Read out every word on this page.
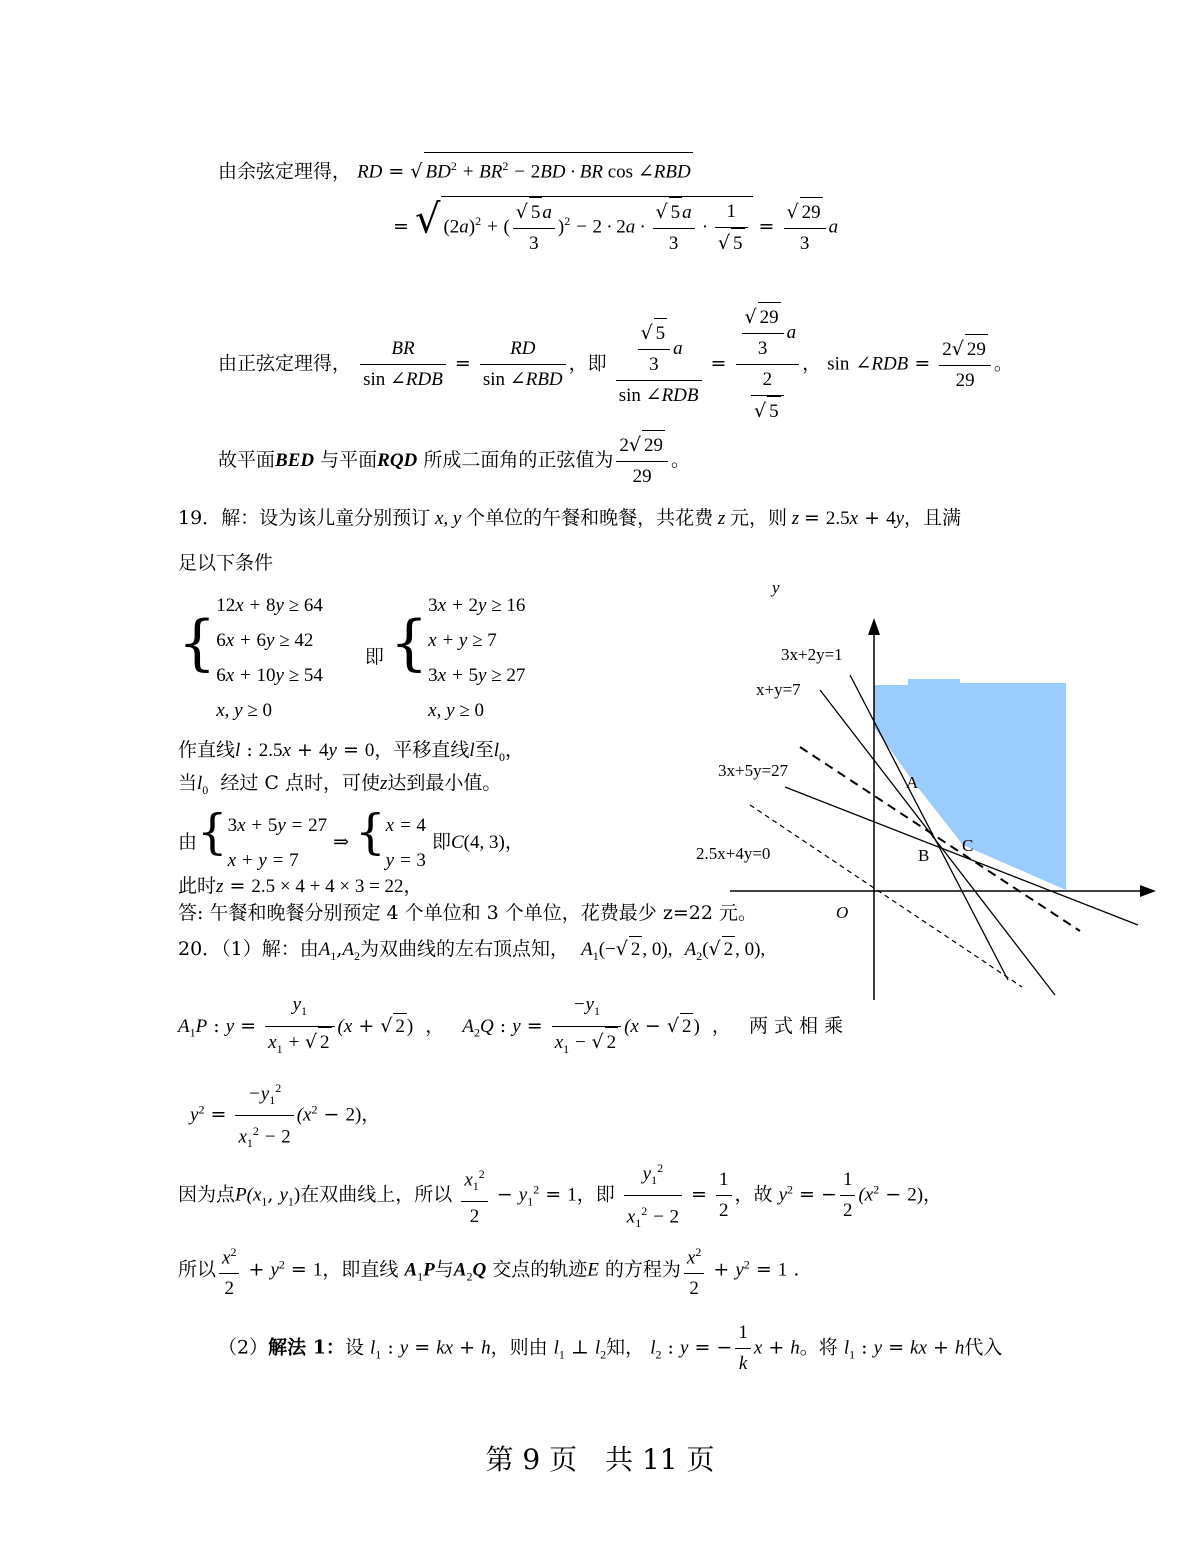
由余弦定理得， RD = √ $BD^2 + BR^2 - 2BD$ · BR cos ∠RBD
= √ $(2a)^2$ + ( $\frac{√ 5 a}{3} )^2 - 2 \cdot 2a \cdot \frac{√ 5 a}{3} \cdot \frac{1}{√ 5} = \frac{√ 29}{3}$ a
由正弦定理得， $\frac{BR}{\text{sin ∠RDB}} = \frac{RD}{\text{sin ∠RBD}}$ ，即 $\frac{\frac{√ 5}{3} a}{\text{sin ∠RDB}} = \frac{\frac{√ 29}{3} a}{\frac{2}{√ 5}}$ ， sin ∠RDB = $\frac{2√ 29}{29}$ 。
故平面BED 与平面RQD 所成二面角的正弦值为 $\frac{2√ 29}{29}$ 。
19．解：设为该儿童分别预订 x, y 个单位的午餐和晚餐，共花费 z 元，则 z = 2.5x + 4y，且满
足以下条件
{
12x + 8y ≥ 64
6x + 6y ≥ 42
6x + 10y ≥ 54
x, y ≥ 0
即 {
3x + 2y ≥ 16
x + y ≥ 7
3x + 5y ≥ 27
x, y ≥ 0
作直线l : 2.5x + 4y = 0，平移直线l至$l_0$，
当$l_0$ 经过 C 点时，可使z达到最小值。
由{ 3x + 5y = 27
x + y = 7
⇒ { x = 4
y = 3
即C(4, 3)，
此时z = 2.5 × 4 + 4 × 3 = 22，
答: 午餐和晚餐分别预定 4 个单位和 3 个单位，花费最少 z=22 元。
y
O
3x+2y=1
x+y=7
3x+5y=27
2.5x+4y=0
A
B
C
20．（1）解：由$A_1,A_2$为双曲线的左右顶点知， $A_1(-√$ 2 , 0), $A_2(√$ 2 , 0),
$A_1P$ : $y = \frac{y_1}{x_1 + √ 2} (x$ + √ 2 )  ，   $A_2Q$ : $y = \frac{-y_1}{x_1 - √ 2} (x$ − √ 2 )  ，   两 式 相 乘
$y^2 = \frac{-y_1^2}{x_1^2 - 2} (x^2 - 2)$，
因为点$P(x_1$, $y_1$)在双曲线上，所以 $\frac{x_1^2}{2} - y_1^2 = 1$，即 $\frac{y_1^2}{x_1^2 - 2} = \frac{1}{2}$ ，故 $y^2$ = − $\frac{1}{2} (x^2 - 2)$，
所以 $\frac{x^2}{2} + y^2 = 1$，即直线 $A_1P$与$A_2Q$ 交点的轨迹E 的方程为 $\frac{x^2}{2} + y^2 = 1$ .
（2）解法 1：设 $l_1$ : y = kx + h，则由 $l_1$ ⊥ $l_2$知， $l_2$ : y = − $\frac{1}{k}$ x + h。将 $l_1$ : y = kx + h代入
第 9 页　共 11 页
